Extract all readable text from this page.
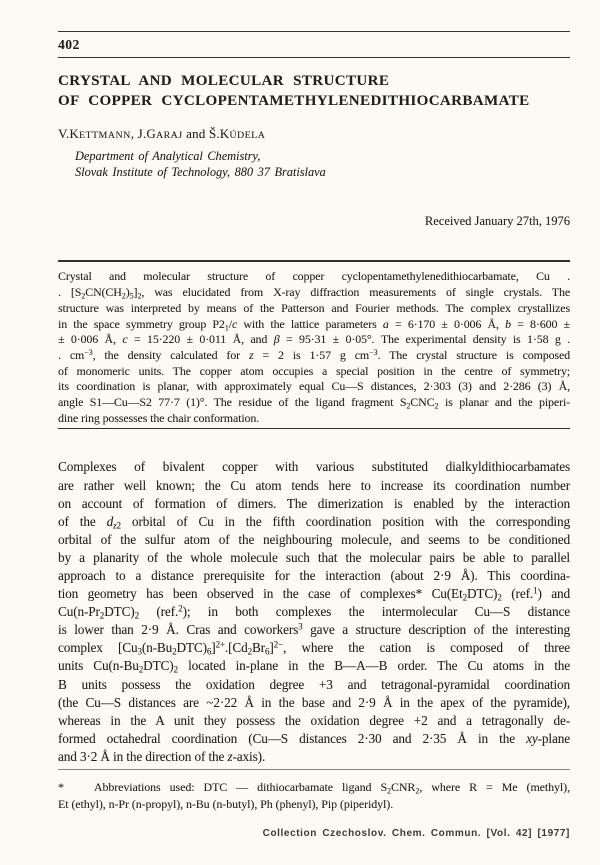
402
CRYSTAL AND MOLECULAR STRUCTURE
OF COPPER CYCLOPENTAMETHYLENEDITHIOCARBAMATE
V.KETTMANN, J.GARAJ and Š.KÚDELA
Department of Analytical Chemistry,
Slovak Institute of Technology, 880 37 Bratislava
Received January 27th, 1976
Crystal and molecular structure of copper cyclopentamethylenedithiocarbamate, Cu .
. $[S_2CN(CH_2)_5]_2$, was elucidated from X-ray diffraction measurements of single crystals. The
structure was interpreted by means of the Patterson and Fourier methods. The complex crystallizes
in the space symmetry group $P2_1/c$ with the lattice parameters a = 6·170 ± 0·006 Å, b = 8·600 ±
± 0·006 Å, c = 15·220 ± 0·011 Å, and β = 95·31 ± 0·05°. The experimental density is 1·58 g .
. $cm^{-3}$, the density calculated for z = 2 is 1·57 g $cm^{-3}$. The crystal structure is composed
of monomeric units. The copper atom occupies a special position in the centre of symmetry;
its coordination is planar, with approximately equal Cu—S distances, 2·303 (3) and 2·286 (3) Å,
angle S1—Cu—S2 77·7 (1)°. The residue of the ligand fragment $S_2CNC_2$ is planar and the piperi-
dine ring possesses the chair conformation.
Complexes of bivalent copper with various substituted dialkyldithiocarbamates
are rather well known; the Cu atom tends here to increase its coordination number
on account of formation of dimers. The dimerization is enabled by the interaction
of the $d_{z2}$ orbital of Cu in the fifth coordination position with the corresponding
orbital of the sulfur atom of the neighbouring molecule, and seems to be conditioned
by a planarity of the whole molecule such that the molecular pairs be able to parallel
approach to a distance prerequisite for the interaction (about 2·9 Å). This coordina-
tion geometry has been observed in the case of complexes* $Cu(Et_2DTC)_2$ (ref.$^1$) and
$Cu(n-Pr_2DTC)_2$ (ref.$^2$); in both complexes the intermolecular Cu—S distance
is lower than 2·9 Å. Cras and coworkers$^3$ gave a structure description of the interesting
complex $[Cu_3(n-Bu_2DTC)_6]^{2+}.[Cd_2Br_6]^{2-}$, where the cation is composed of three
units $Cu(n-Bu_2DTC)_2$ located in-plane in the B—A—B order. The Cu atoms in the
B units possess the oxidation degree +3 and tetragonal-pyramidal coordination
(the Cu—S distances are ~2·22 Å in the base and 2·9 Å in the apex of the pyramide),
whereas in the A unit they possess the oxidation degree +2 and a tetragonally de-
formed octahedral coordination (Cu—S distances 2·30 and 2·35 Å in the xy-plane
and 3·2 Å in the direction of the z-axis).
*	Abbreviations used: DTC — dithiocarbamate ligand $S_2CNR_2$, where R = Me (methyl),
Et (ethyl), n-Pr (n-propyl), n-Bu (n-butyl), Ph (phenyl), Pip (piperidyl).
Collection Czechoslov. Chem. Commun. [Vol. 42] [1977]
